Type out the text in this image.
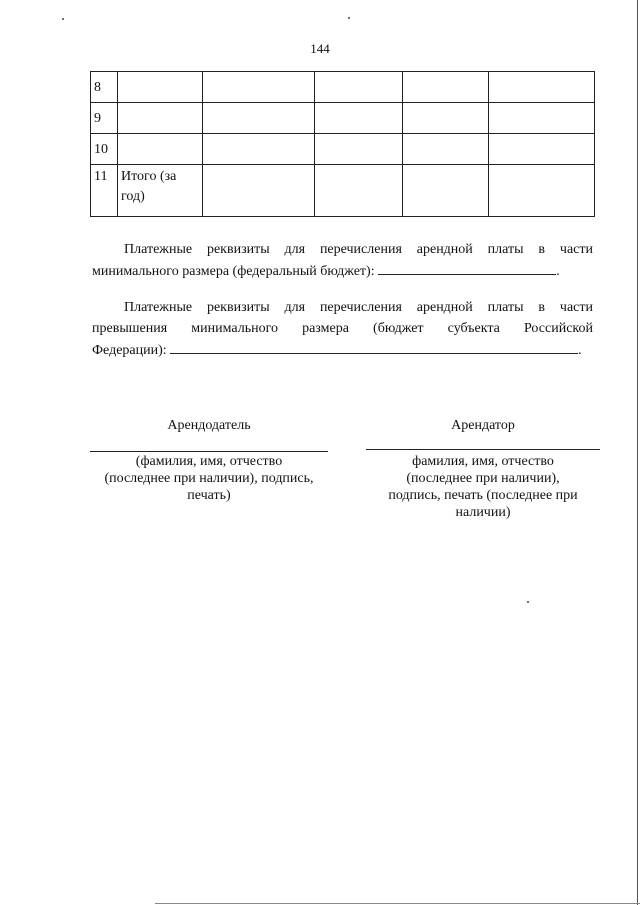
144
8					
9					
10					
11	Итого (за
год)				
Платежные реквизиты для перечисления арендной платы в части
минимального размера (федеральный бюджет):	.
Платежные реквизиты для перечисления арендной платы в части
превышения минимального размера (бюджет субъекта Российской
Федерации):	.
Арендодатель
(фамилия, имя, отчество
(последнее при наличии), подпись,
печать)
Арендатор
фамилия, имя, отчество
(последнее при наличии),
подпись, печать (последнее при
наличии)
